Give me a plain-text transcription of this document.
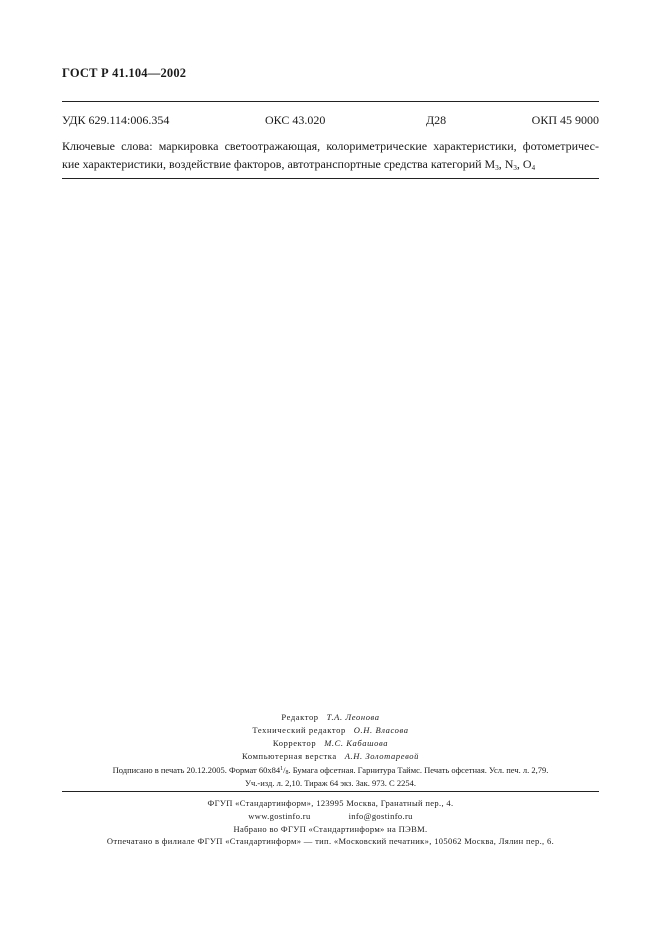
ГОСТ Р 41.104—2002
УДК 629.114:006.354	ОКС 43.020	Д28	ОКП 45 9000
Ключевые слова: маркировка светоотражающая, колориметрические характеристики, фотометричес-
кие характеристики, воздействие факторов, автотранспортные средства категорий $M_3$, $N_3$, $O_4$
Редактор Т.А. Леонова
Технический редактор О.Н. Власова
Корректор М.С. Кабашова
Компьютерная верстка А.Н. Золотаревой
Подписано в печать 20.12.2005. Формат $60x84^1/_8$. Бумага офсетная. Гарнитура Таймс. Печать офсетная. Усл. печ. л. 2,79.
Уч.-изд. л. 2,10. Тираж 64 экз. Зак. 973. С 2254.
ФГУП «Стандартинформ», 123995 Москва, Гранатный пер., 4.
www.gostinfo.ru	info@gostinfo.ru
Набрано во ФГУП «Стандартинформ» на ПЭВМ.
Отпечатано в филиале ФГУП «Стандартинформ» — тип. «Московский печатник», 105062 Москва, Лялин пер., 6.
